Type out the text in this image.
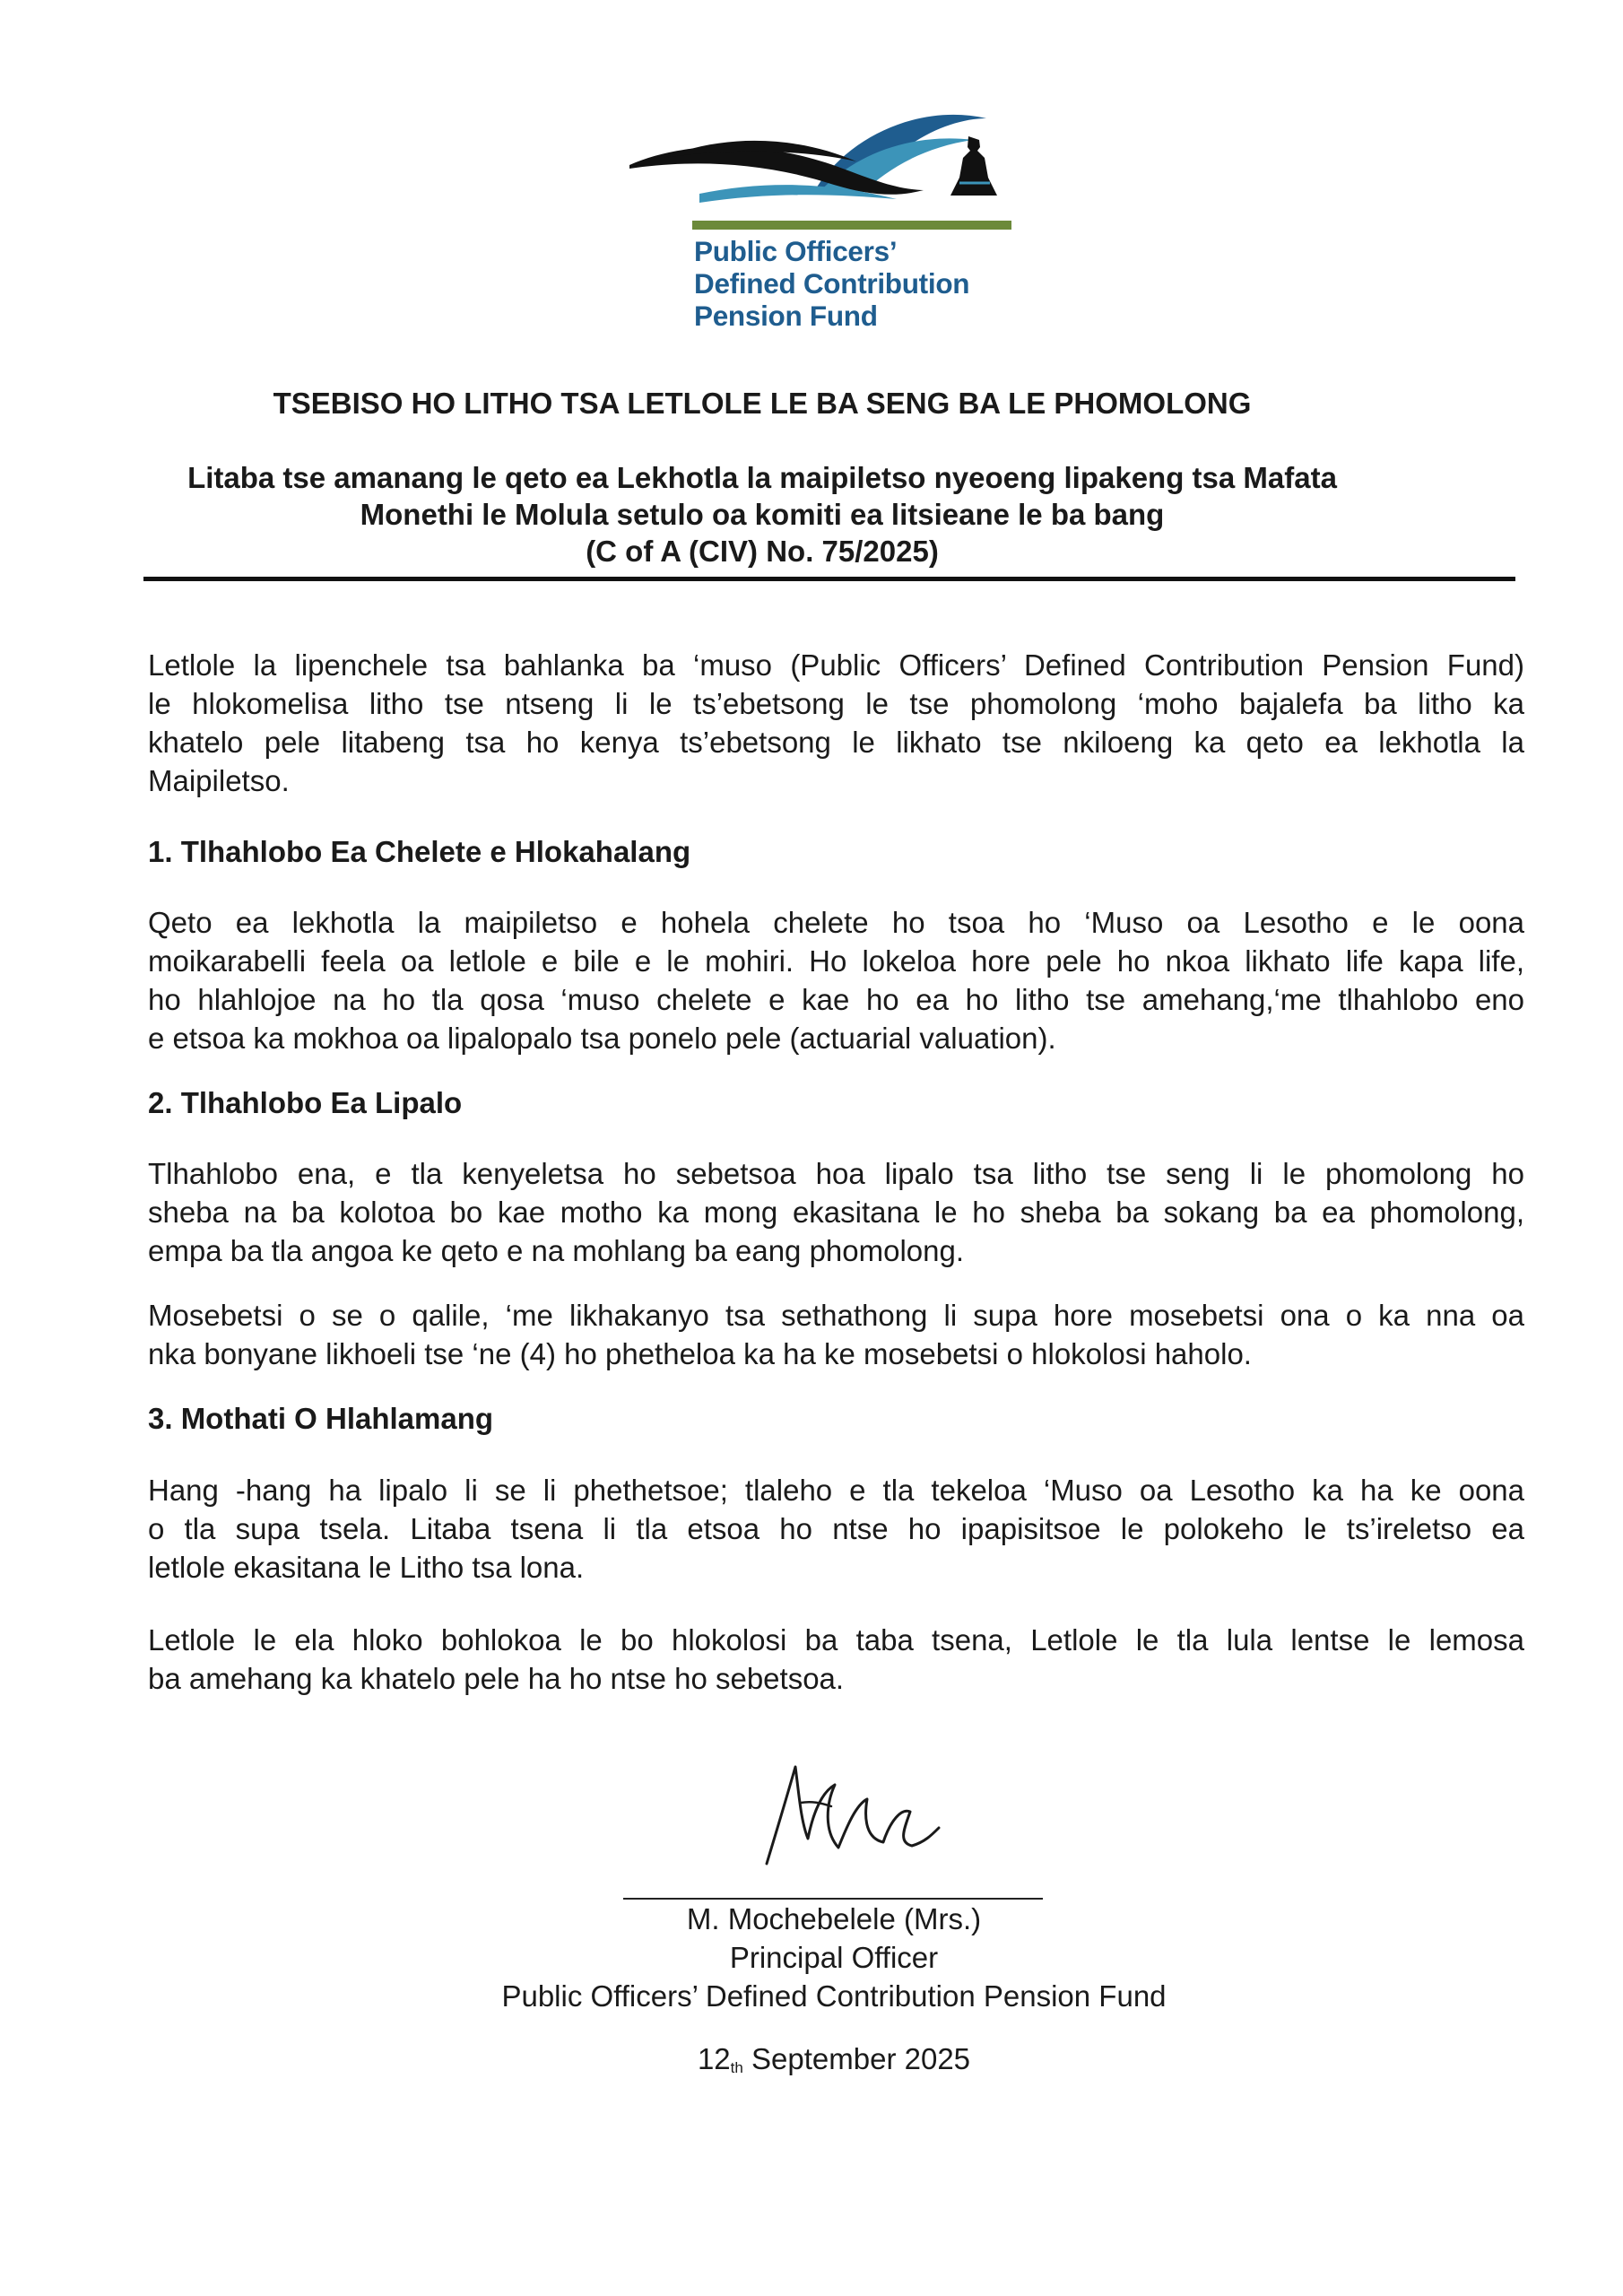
Public Officers’
Defined Contribution
Pension Fund
TSEBISO HO LITHO TSA LETLOLE LE BA SENG BA LE PHOMOLONG
Litaba tse amanang le qeto ea Lekhotla la maipiletso nyeoeng lipakeng tsa Mafata
Monethi le Molula setulo oa komiti ea litsieane le ba bang
(C of A (CIV) No. 75/2025)
Letlole la lipenchele tsa bahlanka ba ‘muso (Public Officers’ Defined Contribution Pension Fund)
le hlokomelisa litho tse ntseng li le ts’ebetsong le tse phomolong ‘moho bajalefa ba litho ka
khatelo pele litabeng tsa ho kenya ts’ebetsong le likhato tse nkiloeng ka qeto ea lekhotla la
Maipiletso.
1. Tlhahlobo Ea Chelete e Hlokahalang
Qeto ea lekhotla la maipiletso e hohela chelete ho tsoa ho ‘Muso oa Lesotho e le oona
moikarabelli feela oa letlole e bile e le mohiri. Ho lokeloa hore pele ho nkoa likhato life kapa life,
ho hlahlojoe na ho tla qosa ‘muso chelete e kae ho ea ho litho tse amehang,‘me tlhahlobo eno
e etsoa ka mokhoa oa lipalopalo tsa ponelo pele (actuarial valuation).
2. Tlhahlobo Ea Lipalo
Tlhahlobo ena, e tla kenyeletsa ho sebetsoa hoa lipalo tsa litho tse seng li le phomolong ho
sheba na ba kolotoa bo kae motho ka mong ekasitana le ho sheba ba sokang ba ea phomolong,
empa ba tla angoa ke qeto e na mohlang ba eang phomolong.
Mosebetsi o se o qalile, ‘me likhakanyo tsa sethathong li supa hore mosebetsi ona o ka nna oa
nka bonyane likhoeli tse ‘ne (4) ho phetheloa ka ha ke mosebetsi o hlokolosi haholo.
3. Mothati O Hlahlamang
Hang -hang ha lipalo li se li phethetsoe; tlaleho e tla tekeloa ‘Muso oa Lesotho ka ha ke oona
o tla supa tsela. Litaba tsena li tla etsoa ho ntse ho ipapisitsoe le polokeho le ts’ireletso ea
letlole ekasitana le Litho tsa lona.
Letlole le ela hloko bohlokoa le bo hlokolosi ba taba tsena, Letlole le tla lula lentse le lemosa
ba amehang ka khatelo pele ha ho ntse ho sebetsoa.
M. Mochebelele (Mrs.)
Principal Officer
Public Officers’ Defined Contribution Pension Fund
$12_{th}$ September 2025
